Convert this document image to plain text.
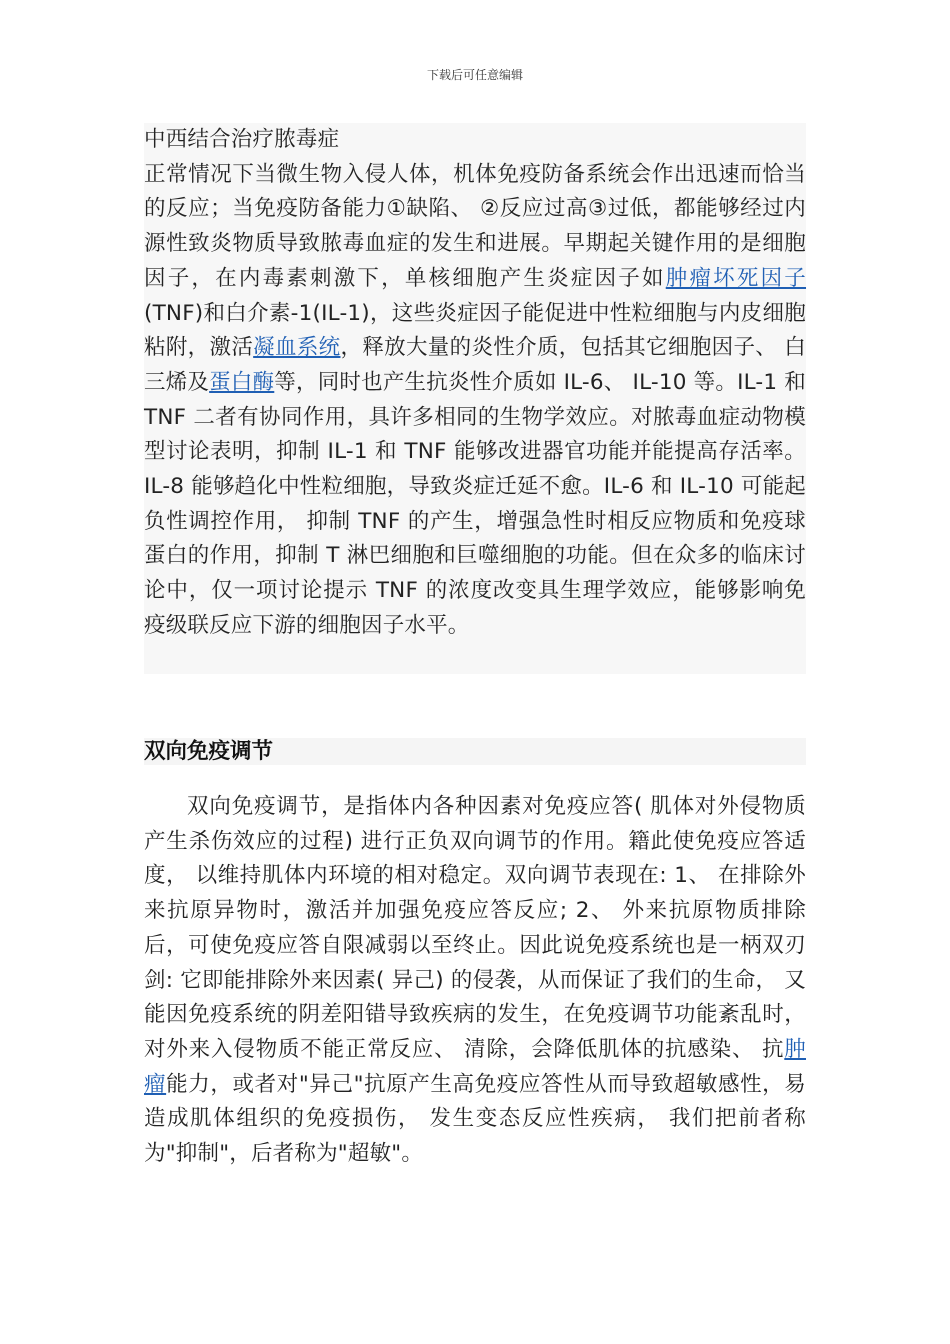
下载后可任意编辑
中西结合治疗脓毒症

正常情况下当微生物入侵人体，机体免疫防备系统会作出迅速而恰当的反应；当免疫防备能力①缺陷、 ②反应过高③过低，都能够经过内源性致炎物质导致脓毒血症的发生和进展。早期起关键作用的是细胞因子，在内毒素刺激下，单核细胞产生炎症因子如肿瘤坏死因子(TNF)和白介素-1(IL-1)，这些炎症因子能促进中性粒细胞与内皮细胞粘附，激活凝血系统，释放大量的炎性介质，包括其它细胞因子、 白三烯及蛋白酶等，同时也产生抗炎性介质如 IL-6、 IL-10 等。IL-1 和 TNF 二者有协同作用，具许多相同的生物学效应。对脓毒血症动物模型讨论表明，抑制 IL-1 和 TNF 能够改进器官功能并能提高存活率。IL-8 能够趋化中性粒细胞，导致炎症迁延不愈。IL-6 和 IL-10 可能起负性调控作用， 抑制 TNF 的产生，增强急性时相反应物质和免疫球蛋白的作用，抑制 T 淋巴细胞和巨噬细胞的功能。但在众多的临床讨论中，仅一项讨论提示 TNF 的浓度改变具生理学效应，能够影响免疫级联反应下游的细胞因子水平。

双向免疫调节

双向免疫调节，是指体内各种因素对免疫应答( 肌体对外侵物质产生杀伤效应的过程) 进行正负双向调节的作用。籍此使免疫应答适度， 以维持肌体内环境的相对稳定。双向调节表现在: 1、 在排除外来抗原异物时，激活并加强免疫应答反应; 2、 外来抗原物质排除后，可使免疫应答自限减弱以至终止。因此说免疫系统也是一柄双刃剑: 它即能排除外来因素( 异己) 的侵袭，从而保证了我们的生命， 又能因免疫系统的阴差阳错导致疾病的发生，在免疫调节功能紊乱时，对外来入侵物质不能正常反应、 清除，会降低肌体的抗感染、 抗肿瘤能力，或者对"异己"抗原产生高免疫应答性从而导致超敏感性，易造成肌体组织的免疫损伤， 发生变态反应性疾病， 我们把前者称为"抑制"，后者称为"超敏"。
